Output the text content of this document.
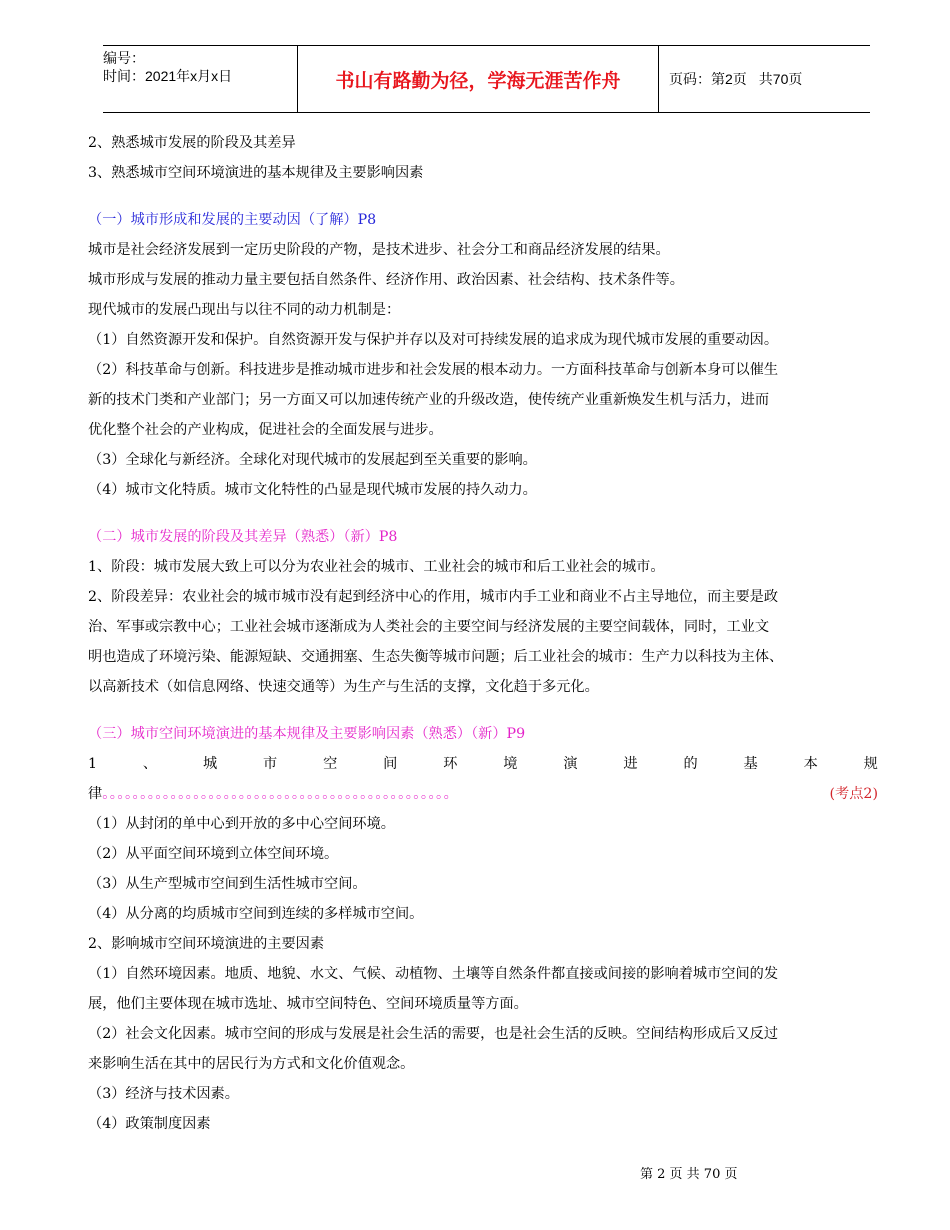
编号：
时间：2021年x月x日	书山有路勤为径，学海无涯苦作舟	页码：第2页 共70页

2、熟悉城市发展的阶段及其差异

3、熟悉城市空间环境演进的基本规律及主要影响因素

（一）城市形成和发展的主要动因（了解）P8

城市是社会经济发展到一定历史阶段的产物，是技术进步、社会分工和商品经济发展的结果。

城市形成与发展的推动力量主要包括自然条件、经济作用、政治因素、社会结构、技术条件等。

现代城市的发展凸现出与以往不同的动力机制是：

（1）自然资源开发和保护。自然资源开发与保护并存以及对可持续发展的追求成为现代城市发展的重要动因。

（2）科技革命与创新。科技进步是推动城市进步和社会发展的根本动力。一方面科技革命与创新本身可以催生

新的技术门类和产业部门；另一方面又可以加速传统产业的升级改造，使传统产业重新焕发生机与活力，进而

优化整个社会的产业构成，促进社会的全面发展与进步。

（3）全球化与新经济。全球化对现代城市的发展起到至关重要的影响。

（4）城市文化特质。城市文化特性的凸显是现代城市发展的持久动力。

（二）城市发展的阶段及其差异（熟悉）（新）P8

1、阶段：城市发展大致上可以分为农业社会的城市、工业社会的城市和后工业社会的城市。

2、阶段差异：农业社会的城市城市没有起到经济中心的作用，城市内手工业和商业不占主导地位，而主要是政

治、军事或宗教中心；工业社会城市逐渐成为人类社会的主要空间与经济发展的主要空间载体，同时，工业文

明也造成了环境污染、能源短缺、交通拥塞、生态失衡等城市问题；后工业社会的城市：生产力以科技为主体、

以高新技术（如信息网络、快速交通等）为生产与生活的支撑，文化趋于多元化。

（三）城市空间环境演进的基本规律及主要影响因素（熟悉）（新）P9

1	、	城	市	空	间	环	境	演	进	的	基	本	规

律 。。。。。。。。。。。。。。。。。。。。。。。。。。。。。。。。。。。。。。。。。。。。。。	(考点2)

（1）从封闭的单中心到开放的多中心空间环境。

（2）从平面空间环境到立体空间环境。

（3）从生产型城市空间到生活性城市空间。

（4）从分离的均质城市空间到连续的多样城市空间。

2、影响城市空间环境演进的主要因素

（1）自然环境因素。地质、地貌、水文、气候、动植物、土壤等自然条件都直接或间接的影响着城市空间的发

展，他们主要体现在城市选址、城市空间特色、空间环境质量等方面。

（2）社会文化因素。城市空间的形成与发展是社会生活的需要，也是社会生活的反映。空间结构形成后又反过

来影响生活在其中的居民行为方式和文化价值观念。

（3）经济与技术因素。

（4）政策制度因素

第 2 页 共 70 页
